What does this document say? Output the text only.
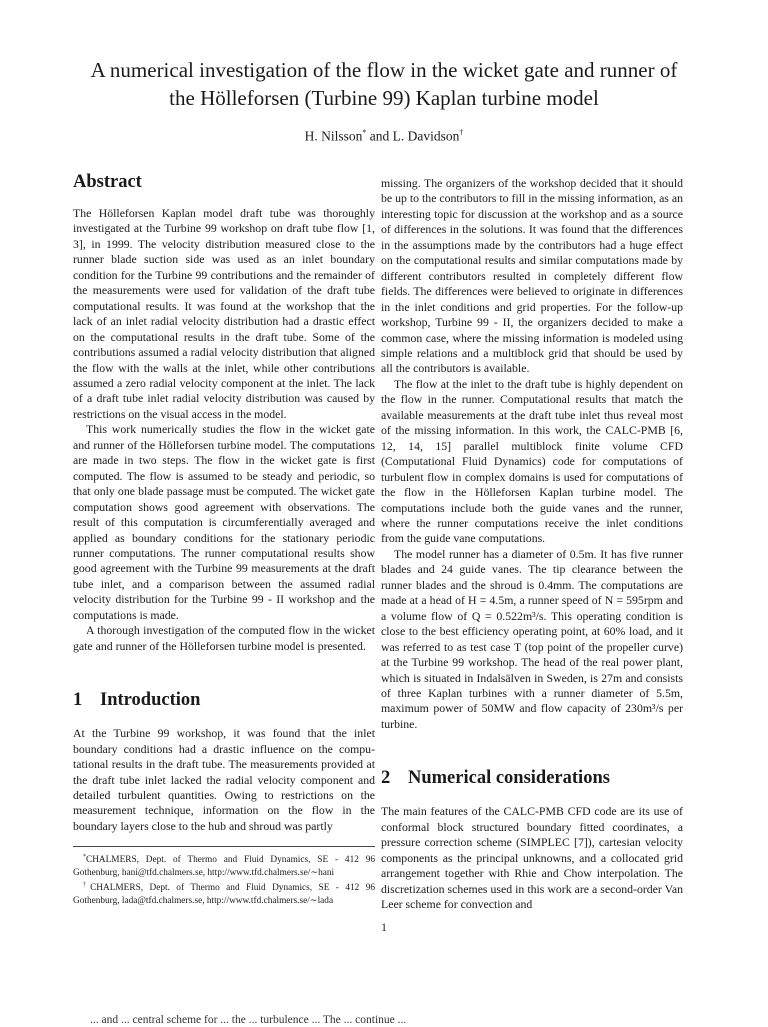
A numerical investigation of the flow in the wicket gate and runner of
the Hölleforsen (Turbine 99) Kaplan turbine model
H. Nilsson* and L. Davidson†
Abstract

The Hölleforsen Kaplan model draft tube was thoroughly investigated at the Turbine 99 workshop on draft tube flow [1, 3], in 1999. The velocity distribution measured close to the runner blade suction side was used as an inlet boundary condition for the Turbine 99 contributions and the remainder of the measurements were used for validation of the draft tube computational results. It was found at the workshop that the lack of an inlet radial velocity distribution had a drastic effect on the computational results in the draft tube. Some of the contributions assumed a radial velocity distribution that aligned the flow with the walls at the inlet, while other contributions assumed a zero radial velocity component at the inlet. The lack of a draft tube inlet radial velocity distribution was caused by restrictions on the visual access in the model.

This work numerically studies the flow in the wicket gate and runner of the Hölleforsen turbine model. The computations are made in two steps. The flow in the wicket gate is first computed. The flow is assumed to be steady and periodic, so that only one blade passage must be computed. The wicket gate computation shows good agreement with observations. The result of this computation is circumferentially averaged and applied as boundary conditions for the stationary periodic runner computations. The runner computational results show good agreement with the Turbine 99 measurements at the draft tube inlet, and a comparison between the assumed radial velocity distribution for the Turbine 99 - II workshop and the computations is made.

A thorough investigation of the computed flow in the wicket gate and runner of the Hölleforsen turbine model is presented.

1 Introduction

At the Turbine 99 workshop, it was found that the inlet boundary conditions had a drastic influence on the computational results in the draft tube. The measurements provided at the draft tube inlet lacked the radial velocity component and detailed turbulent quantities. Owing to restrictions on the measurement technique, information on the flow in the boundary layers close to the hub and shroud was partly

missing. The organizers of the workshop decided that it should be up to the contributors to fill in the missing information, as an interesting topic for discussion at the workshop and as a source of differences in the solutions. It was found that the differences in the assumptions made by the contributors had a huge effect on the computational results and similar computations made by different contributors resulted in completely different flow fields. The differences were believed to originate in differences in the inlet conditions and grid properties. For the follow-up workshop, Turbine 99 - II, the organizers decided to make a common case, where the missing information is modeled using simple relations and a multiblock grid that should be used by all the contributors is available.

The flow at the inlet to the draft tube is highly dependent on the flow in the runner. Computational results that match the available measurements at the draft tube inlet thus reveal most of the missing information. In this work, the CALC-PMB [6, 12, 14, 15] parallel multiblock finite volume CFD (Computational Fluid Dynamics) code for computations of turbulent flow in complex domains is used for computations of the flow in the Hölleforsen Kaplan turbine model. The computations include both the guide vanes and the runner, where the runner computations receive the inlet conditions from the guide vane computations.

The model runner has a diameter of 0.5m. It has five runner blades and 24 guide vanes. The tip clearance between the runner blades and the shroud is 0.4mm. The computations are made at a head of H = 4.5m, a runner speed of N = 595rpm and a volume flow of Q = 0.522m³/s. This operating condition is close to the best efficiency operating point, at 60% load, and it was referred to as test case T (top point of the propeller curve) at the Turbine 99 workshop. The head of the real power plant, which is situated in Indalsälven in Sweden, is 27m and consists of three Kaplan turbines with a runner diameter of 5.5m, maximum power of 50MW and flow capacity of 230m³/s per turbine.

2 Numerical considerations

The main features of the CALC-PMB CFD code are its use of conformal block structured boundary fitted coordinates, a pressure correction scheme (SIMPLEC [7]), cartesian velocity components as the principal unknowns, and a collocated grid arrangement together with Rhie and Chow interpolation. The discretization schemes used in this work are a second-order Van Leer scheme for convection and

*CHALMERS, Dept. of Thermo and Fluid Dynamics, SE - 412 96 Gothenburg, hani@tfd.chalmers.se, http://www.tfd.chalmers.se/∼hani

†CHALMERS, Dept. of Thermo and Fluid Dynamics, SE - 412 96 Gothenburg, lada@tfd.chalmers.se, http://www.tfd.chalmers.se/∼lada

1
... and ... central scheme for ... the ... turbulence ... The ... continue ...
